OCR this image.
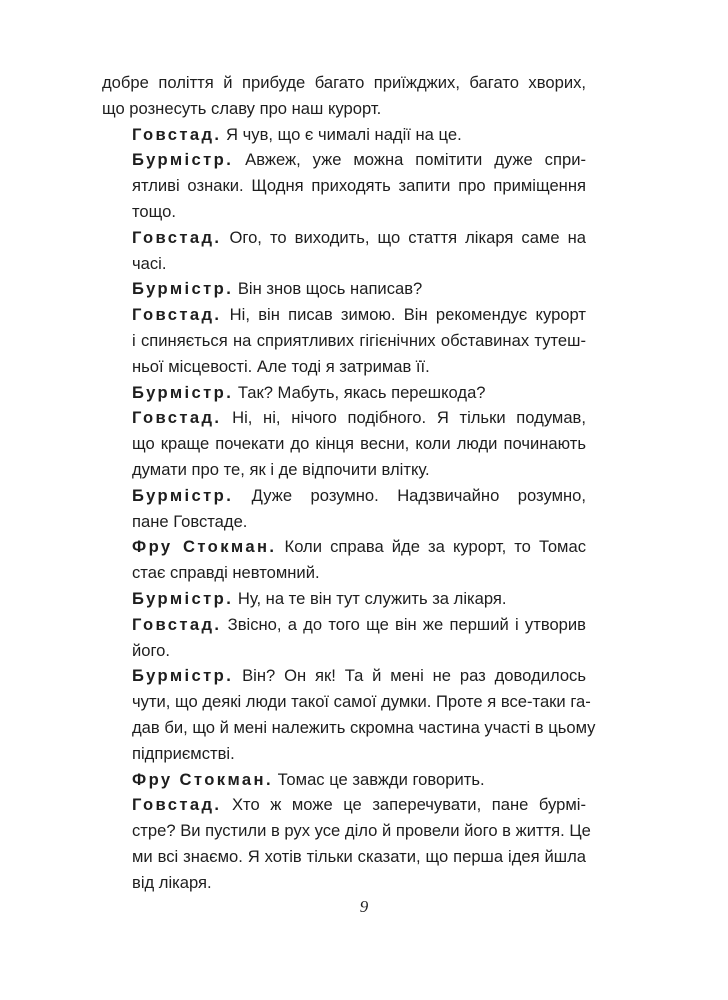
добре поліття й прибуде багато приїжджих, багато хворих,
що рознесуть славу про наш курорт.
Говстад. Я чув, що є чималі надії на це.
Бурмістр. Авжеж, уже можна помітити дуже спри-
ятливі ознаки. Щодня приходять запити про приміщення
тощо.
Говстад. Ого, то виходить, що стаття лікаря саме на
часі.
Бурмістр. Він знов щось написав?
Говстад. Ні, він писав зимою. Він рекомендує курорт
і спиняється на сприятливих гігієнічних обставинах тутеш-
ньої місцевості. Але тоді я затримав її.
Бурмістр. Так? Мабуть, якась перешкода?
Говстад. Ні, ні, нічого подібного. Я тільки подумав,
що краще почекати до кінця весни, коли люди починають
думати про те, як і де відпочити влітку.
Бурмістр. Дуже розумно. Надзвичайно розумно,
пане Говстаде.
Фру Стокман. Коли справа йде за курорт, то Томас
стає справді невтомний.
Бурмістр. Ну, на те він тут служить за лікаря.
Говстад. Звісно, а до того ще він же перший і утворив
його.
Бурмістр. Він? Он як! Та й мені не раз доводилось
чути, що деякі люди такої самої думки. Проте я все-таки га-
дав би, що й мені належить скромна частина участі в цьому
підприємстві.
Фру Стокман. Томас це завжди говорить.
Говстад. Хто ж може це заперечувати, пане бурмі-
стре? Ви пустили в рух усе діло й провели його в життя. Це
ми всі знаємо. Я хотів тільки сказати, що перша ідея йшла
від лікаря.
9
